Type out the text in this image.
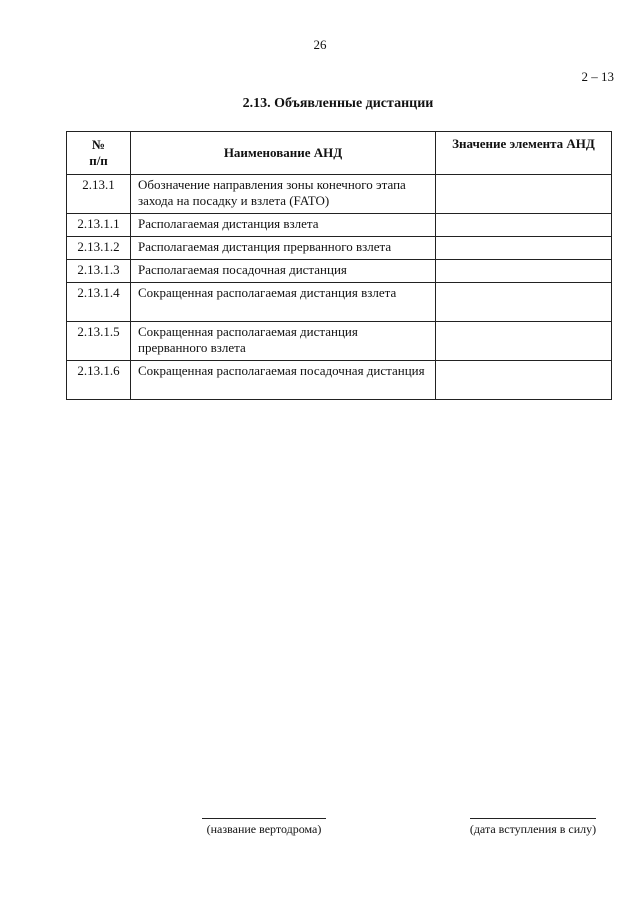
26
2 – 13
2.13. Объявленные дистанции
№
п/п	Наименование АНД	Значение элемента АНД
2.13.1	Обозначение направления зоны конечного этапа захода на посадку и взлета (FATO)	
2.13.1.1	Располагаемая дистанция взлета	
2.13.1.2	Располагаемая дистанция прерванного взлета	
2.13.1.3	Располагаемая посадочная дистанция	
2.13.1.4	Сокращенная располагаемая дистанция взлета	
2.13.1.5	Сокращенная располагаемая дистанция прерванного взлета	
2.13.1.6	Сокращенная располагаемая посадочная дистанция	
(название вертодрома)	(дата вступления в силу)
